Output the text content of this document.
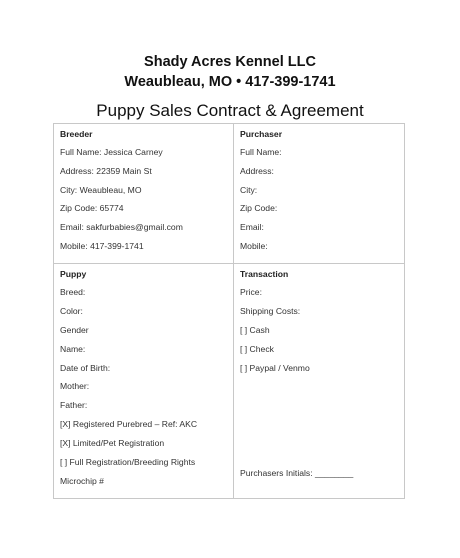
Shady Acres Kennel LLC
Weaubleau, MO • 417-399-1741
Puppy Sales Contract & Agreement
Breeder
Full Name: Jessica Carney
Address: 22359 Main St
City: Weaubleau, MO
Zip Code: 65774
Email: sakfurbabies@gmail.com
Mobile: 417-399-1741
Purchaser
Full Name:
Address:
City:
Zip Code:
Email:
Mobile:
Puppy
Breed:
Color:
Gender
Name:
Date of Birth:
Mother:
Father:
[X] Registered Purebred – Ref: AKC
[X] Limited/Pet Registration
[ ] Full Registration/Breeding Rights
Microchip #
Transaction
Price:
Shipping Costs:
[ ] Cash
[ ] Check
[ ] Paypal / Venmo
Purchasers Initials: ________
